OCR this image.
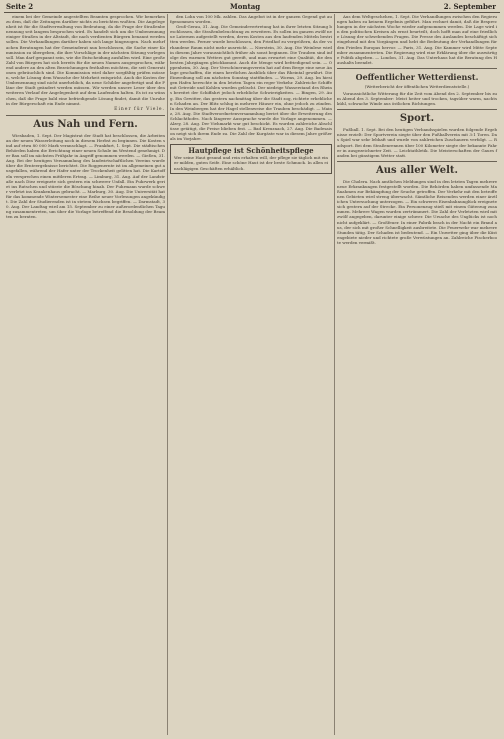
Seite 2	Montag	2. September

einem bei der Gemeinde angestellten Beamten gesprochen. Wir bemerken zu dem, daß die Zeitungen darüber nichts zu berichten wußten. Die Angelegenheit ist für die Stadtverwaltung von Bedeutung, da die Frage der Straßenbenennung seit langem besprochen wird. Es handelt sich um die Umbenennung einiger Straßen in der Altstadt, die nach verdienten Bürgern benannt werden sollen. Die Verhandlungen darüber haben sich lange hingezogen. Nach mehrfachen Beratungen hat der Gemeinderat nun beschlossen, die Sache einer Kommission zu übergeben, die ihre Vorschläge in der nächsten Sitzung vorlegen soll. Man darf gespannt sein, wie die Entscheidung ausfallen wird. Eine große Zahl von Bürgern hat sich bereits für die neuen Namen ausgesprochen, während andere an den alten Bezeichnungen festhalten möchten, die seit Generationen gebräuchlich sind. Die Kommission wird daher sorgfältig prüfen müssen, welche Lösung dem Wunsche der Mehrheit entspricht. Auch die Kosten der Umbenennung sind nicht unerheblich, da neue Schilder angefertigt und die Pläne der Stadt geändert werden müssen. Wir werden unsere Leser über den weiteren Verlauf der Angelegenheit auf dem Laufenden halten. Es ist zu wünschen, daß die Frage bald eine befriedigende Lösung findet, damit die Unruhe in der Bürgerschaft ein Ende nimmt.

Einer für Viele.
Aus Nah und Fern.

Wiesbaden, 1. Sept. Der Magistrat der Stadt hat beschlossen, die Arbeiten an der neuen Wasserleitung noch in diesem Herbst zu beginnen. Die Kosten sind auf etwa 80 000 Mark veranschlagt. — Frankfurt, 1. Sept. Die städtischen Behörden haben die Errichtung einer neuen Schule im Westend genehmigt. Der Bau soll im nächsten Frühjahr in Angriff genommen werden. — Gießen, 31. Aug. Bei der heutigen Versammlung des landwirtschaftlichen Vereins wurde über die Ernteergebnisse berichtet. Die Roggenernte ist im allgemeinen gut ausgefallen, während der Hafer unter der Trockenheit gelitten hat. Die Kartoffeln versprechen einen mittleren Ertrag. — Limburg, 31. Aug. Auf der Landstraße nach Diez ereignete sich gestern ein schwerer Unfall. Ein Fuhrwerk geriet ins Rutschen und stürzte die Böschung hinab. Der Fuhrmann wurde schwer verletzt ins Krankenhaus gebracht. — Marburg, 30. Aug. Die Universität hat für das kommende Wintersemester eine Reihe neuer Vorlesungen angekündigt. Die Zahl der Studierenden ist in stetem Wachsen begriffen. — Darmstadt, 30. Aug. Der Landtag wird am 15. September zu einer außerordentlichen Tagung zusammentreten, um über die Vorlage betreffend die Besoldung der Beamten zu beraten.

den Lohn von 100 Mk. zahlen. Das Angebot ist in der ganzen Gegend gut aufgenommen worden.

Groß-Gerau, 31. Aug. Die Gemeindevertretung hat in ihrer letzten Sitzung beschlossen, die Straßenbeleuchtung zu erweitern. Es sollen im ganzen zwölf neue Laternen aufgestellt werden, deren Kosten aus den laufenden Mitteln bestritten werden. Ferner wurde beschlossen, den Friedhof zu vergrößern, da der vorhandene Raum nicht mehr ausreicht. — Nierstein, 30. Aug. Die Weinlese wird in diesem Jahre voraussichtlich früher als sonst beginnen. Die Trauben sind infolge des warmen Wetters gut gereift, und man erwartet eine Qualität, die den besten Jahrgängen gleichkommt. Auch die Menge wird befriedigend sein. — Oppenheim, 30. Aug. Der Verschönerungsverein hat auf dem Berge eine neue Anlage geschaffen, die einen herrlichen Ausblick über das Rheintal gewährt. Die Einweihung soll am nächsten Sonntag stattfinden. — Worms, 29. Aug. Im hiesigen Hafen herrschte in den letzten Tagen ein reger Verkehr. Zahlreiche Schiffe mit Getreide und Kohlen wurden gelöscht. Der niedrige Wasserstand des Rheins bereitet der Schiffahrt jedoch erhebliche Schwierigkeiten. — Bingen, 29. Aug. Ein Gewitter, das gestern nachmittag über die Stadt zog, richtete erheblichen Schaden an. Der Blitz schlug in mehrere Häuser ein, ohne jedoch zu zünden. In den Weinbergen hat der Hagel stellenweise die Trauben beschädigt. — Mainz, 28. Aug. Die Stadtverordnetenversammlung beriet über die Erweiterung des Schlachthofes. Nach längerer Aussprache wurde die Vorlage angenommen. — Alzey, 28. Aug. Der Viehmarkt war gut beschickt. Es wurden zahlreiche Abschlüsse getätigt, die Preise blieben fest. — Bad Kreuznach, 27. Aug. Die Badesaison neigt sich ihrem Ende zu. Die Zahl der Kurgäste war in diesem Jahre größer als im Vorjahre.

Hautpflege ist Schönheitspflege
Wer seine Haut gesund und rein erhalten will, der pflege sie täglich mit einer milden, guten Seife. Eine schöne Haut ist der beste Schmuck. In allen einschlägigen Geschäften erhältlich.

Aus dem Weltgeschehen, 1. Sept. Die Verhandlungen zwischen den Regierungen haben zu keinem Ergebnis geführt. Man rechnet damit, daß die Besprechungen in der nächsten Woche wieder aufgenommen werden. Die Lage wird in den politischen Kreisen als ernst beurteilt, doch hofft man auf eine friedliche Lösung der schwebenden Fragen. Die Presse des Auslandes beschäftigt sich eingehend mit den Vorgängen und hebt die Bedeutung der Verhandlungen für den Frieden Europas hervor. — Paris, 31. Aug. Die Kammer wird Mitte September zusammentreten. Die Regierung wird eine Erklärung über die auswärtige Politik abgeben. — London, 31. Aug. Das Unterhaus hat die Beratung des Haushalts beendet.

Oeffentlicher Wetterdienst.
(Wetterbericht der öffentlichen Wetterdienststelle.)

Voraussichtliche Witterung für die Zeit vom Abend des 2. September bis zum Abend des 3. September: Meist heiter und trocken, tagsüber warm, nachts kühl, schwache Winde aus östlichen Richtungen.

Sport.

Fußball. 1. Sept. Bei den heutigen Verbandsspielen wurden folgende Ergebnisse erzielt: Der Sportverein siegte über den Fußballverein mit 3:1 Toren. Das Spiel war sehr lebhaft und wurde von zahlreichen Zuschauern verfolgt. — Radsport. Bei dem Straßenrennen über 100 Kilometer siegte der bekannte Fahrer in ausgezeichneter Zeit. — Leichtathletik. Die Meisterschaften der Gaues fanden bei günstigem Wetter statt.

Aus aller Welt.

Die Cholera. Nach amtlichen Meldungen sind in den letzten Tagen mehrere neue Erkrankungen festgestellt worden. Die Behörden haben umfassende Maßnahmen zur Bekämpfung der Seuche getroffen. Der Verkehr mit den betroffenen Gebieten wird streng überwacht. Sämtliche Reisenden werden einer ärztlichen Untersuchung unterzogen. — Ein schweres Eisenbahnunglück ereignete sich gestern auf der Strecke. Ein Personenzug stieß mit einem Güterzug zusammen. Mehrere Wagen wurden zertrümmert. Die Zahl der Verletzten wird mit zwölf angegeben, darunter einige schwer. Die Ursache des Unglücks ist noch nicht aufgeklärt. — Großfeuer. In einer Fabrik brach in der Nacht ein Brand aus, der sich mit großer Schnelligkeit ausbreitete. Die Feuerwehr war mehrere Stunden tätig. Der Schaden ist bedeutend. — Ein Unwetter ging über die Küstengebiete nieder und richtete große Verwüstungen an. Zahlreiche Fischerboote werden vermißt.
